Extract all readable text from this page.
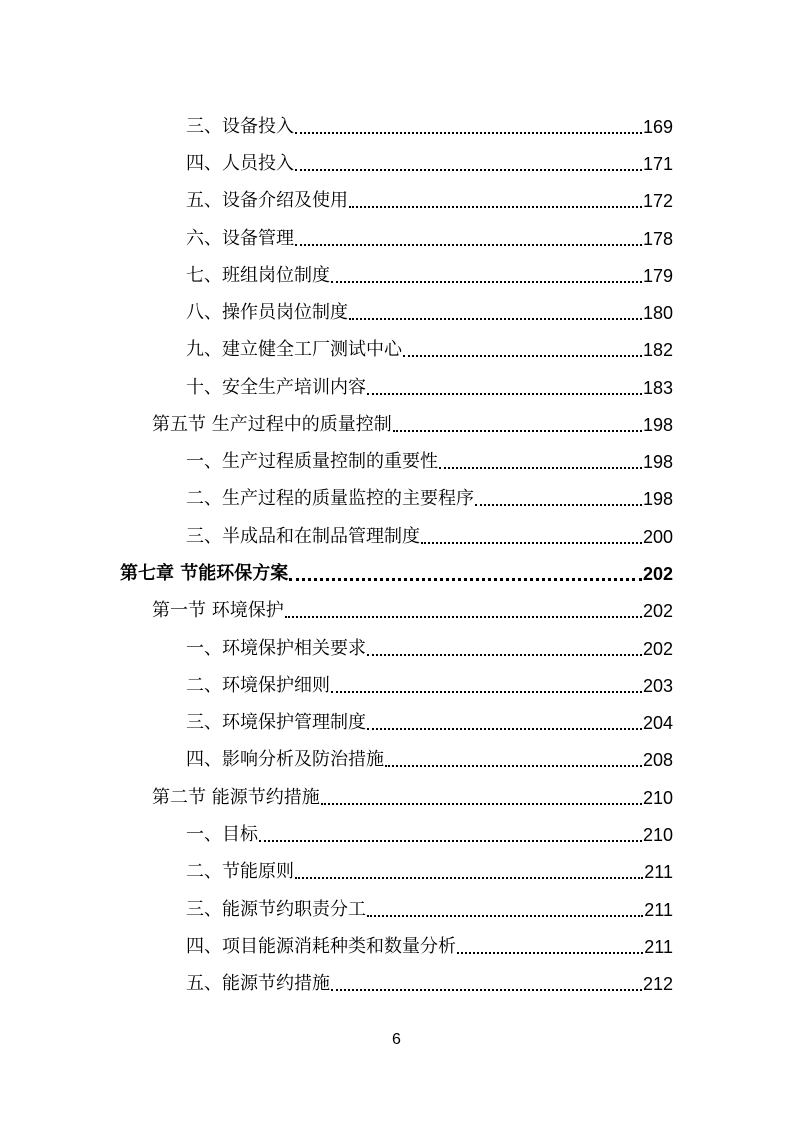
三、设备投入	169
四、人员投入	171
五、设备介绍及使用	172
六、设备管理	178
七、班组岗位制度	179
八、操作员岗位制度	180
九、建立健全工厂测试中心	182
十、安全生产培训内容	183
第五节 生产过程中的质量控制	198
一、生产过程质量控制的重要性	198
二、生产过程的质量监控的主要程序	198
三、半成品和在制品管理制度	200
第七章 节能环保方案	202
第一节 环境保护	202
一、环境保护相关要求	202
二、环境保护细则	203
三、环境保护管理制度	204
四、影响分析及防治措施	208
第二节 能源节约措施	210
一、目标	210
二、节能原则	211
三、能源节约职责分工	211
四、项目能源消耗种类和数量分析	211
五、能源节约措施	212
6
